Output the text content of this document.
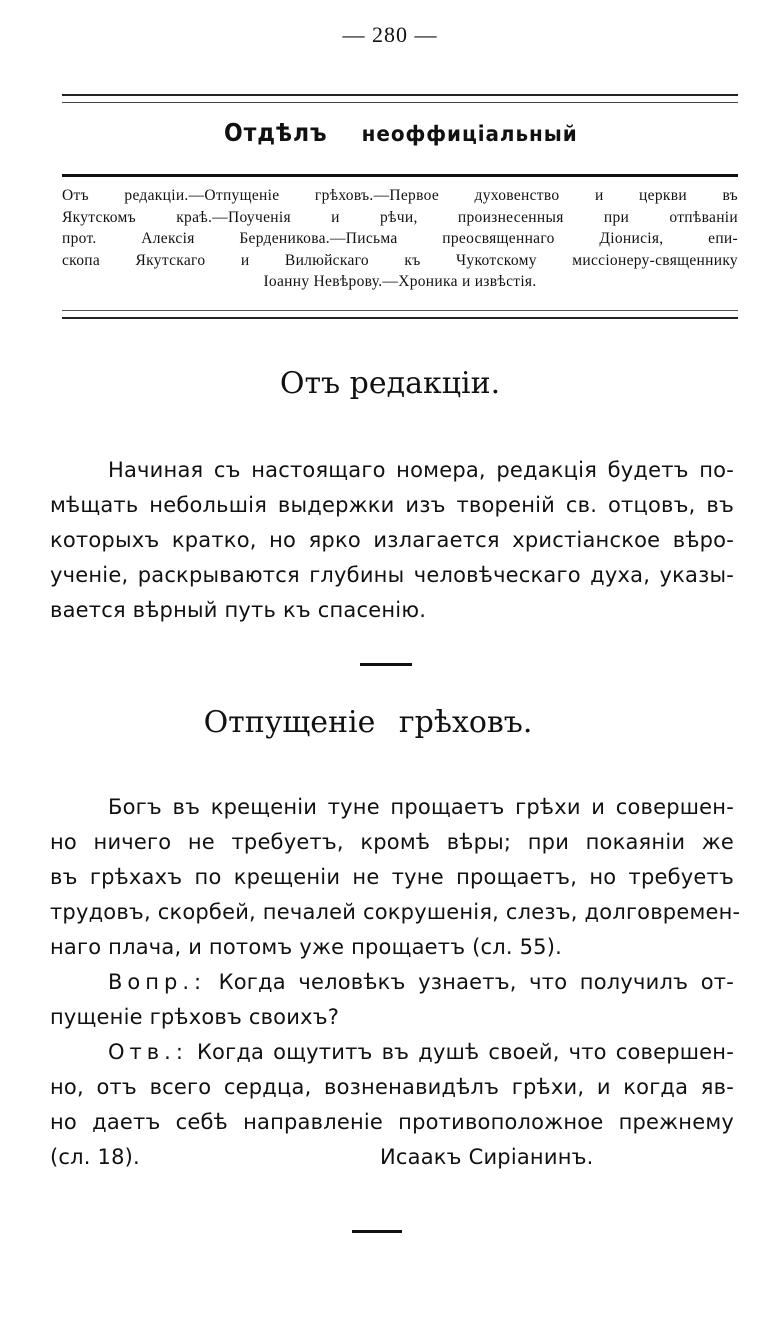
— 280 —
Отдѣлъ неоффиціальный
Отъ редакціи.—Отпущеніе грѣховъ.—Первое духовенство и церкви въ
Якутскомъ краѣ.—Поученія и рѣчи, произнесенныя при отпѣваніи
прот. Алексія Берденикова.—Письма преосвященнаго Діонисія, епи-
скопа Якутскаго и Вилюйскаго къ Чукотскому миссіонеру-священнику
Іоанну Невѣрову.—Хроника и извѣстія.
Отъ редакціи.
Начиная съ настоящаго номера, редакція будетъ по-
мѣщать небольшія выдержки изъ твореній св. отцовъ, въ
которыхъ кратко, но ярко излагается христіанское вѣро-
ученіе, раскрываются глубины человѣческаго духа, указы-
вается вѣрный путь къ спасенію.
Отпущеніе грѣховъ.
Богъ въ крещеніи туне прощаетъ грѣхи и совершен-
но ничего не требуетъ, кромѣ вѣры; при покаяніи же
въ грѣхахъ по крещеніи не туне прощаетъ, но требуетъ
трудовъ, скорбей, печалей сокрушенія, слезъ, долговремен-
наго плача, и потомъ уже прощаетъ (сл. 55).
Вопр.: Когда человѣкъ узнаетъ, что получилъ от-
пущеніе грѣховъ своихъ?
Отв.: Когда ощутитъ въ душѣ своей, что совершен-
но, отъ всего сердца, возненавидѣлъ грѣхи, и когда яв-
но даетъ себѣ направленіе противоположное прежнему
(сл. 18).	Исаакъ Сиріанинъ.
